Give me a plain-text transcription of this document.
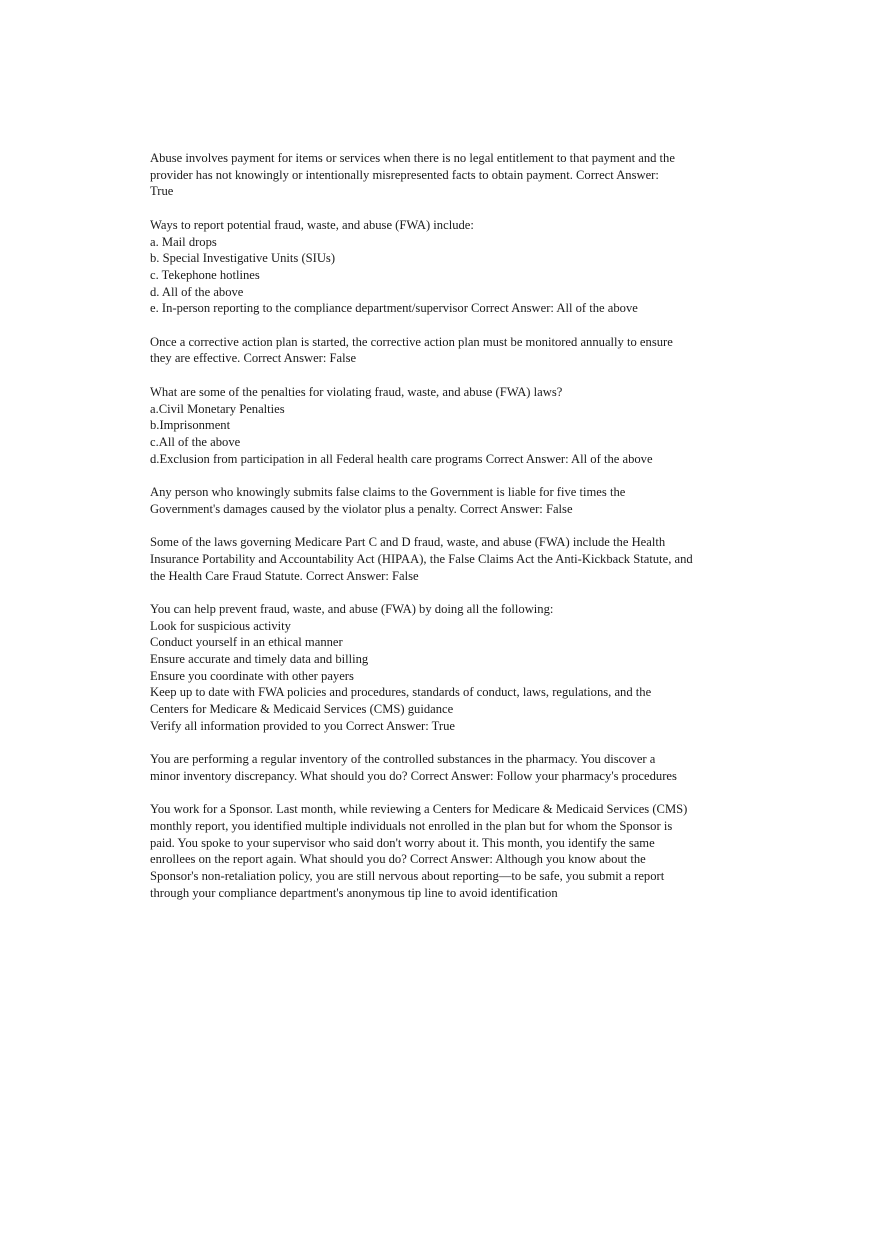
Abuse involves payment for items or services when there is no legal entitlement to that payment and the
provider has not knowingly or intentionally misrepresented facts to obtain payment. Correct Answer:
True
Ways to report potential fraud, waste, and abuse (FWA) include:
a. Mail drops
b. Special Investigative Units (SIUs)
c. Tekephone hotlines
d. All of the above
e. In-person reporting to the compliance department/supervisor Correct Answer: All of the above
Once a corrective action plan is started, the corrective action plan must be monitored annually to ensure
they are effective. Correct Answer: False
What are some of the penalties for violating fraud, waste, and abuse (FWA) laws?
a.Civil Monetary Penalties
b.Imprisonment
c.All of the above
d.Exclusion from participation in all Federal health care programs Correct Answer: All of the above
Any person who knowingly submits false claims to the Government is liable for five times the
Government's damages caused by the violator plus a penalty. Correct Answer: False
Some of the laws governing Medicare Part C and D fraud, waste, and abuse (FWA) include the Health
Insurance Portability and Accountability Act (HIPAA), the False Claims Act the Anti-Kickback Statute, and
the Health Care Fraud Statute. Correct Answer: False
You can help prevent fraud, waste, and abuse (FWA) by doing all the following:
Look for suspicious activity
Conduct yourself in an ethical manner
Ensure accurate and timely data and billing
Ensure you coordinate with other payers
Keep up to date with FWA policies and procedures, standards of conduct, laws, regulations, and the
Centers for Medicare & Medicaid Services (CMS) guidance
Verify all information provided to you Correct Answer: True
You are performing a regular inventory of the controlled substances in the pharmacy. You discover a
minor inventory discrepancy. What should you do? Correct Answer: Follow your pharmacy's procedures
You work for a Sponsor. Last month, while reviewing a Centers for Medicare & Medicaid Services (CMS)
monthly report, you identified multiple individuals not enrolled in the plan but for whom the Sponsor is
paid. You spoke to your supervisor who said don't worry about it. This month, you identify the same
enrollees on the report again. What should you do? Correct Answer: Although you know about the
Sponsor's non-retaliation policy, you are still nervous about reporting—to be safe, you submit a report
through your compliance department's anonymous tip line to avoid identification
